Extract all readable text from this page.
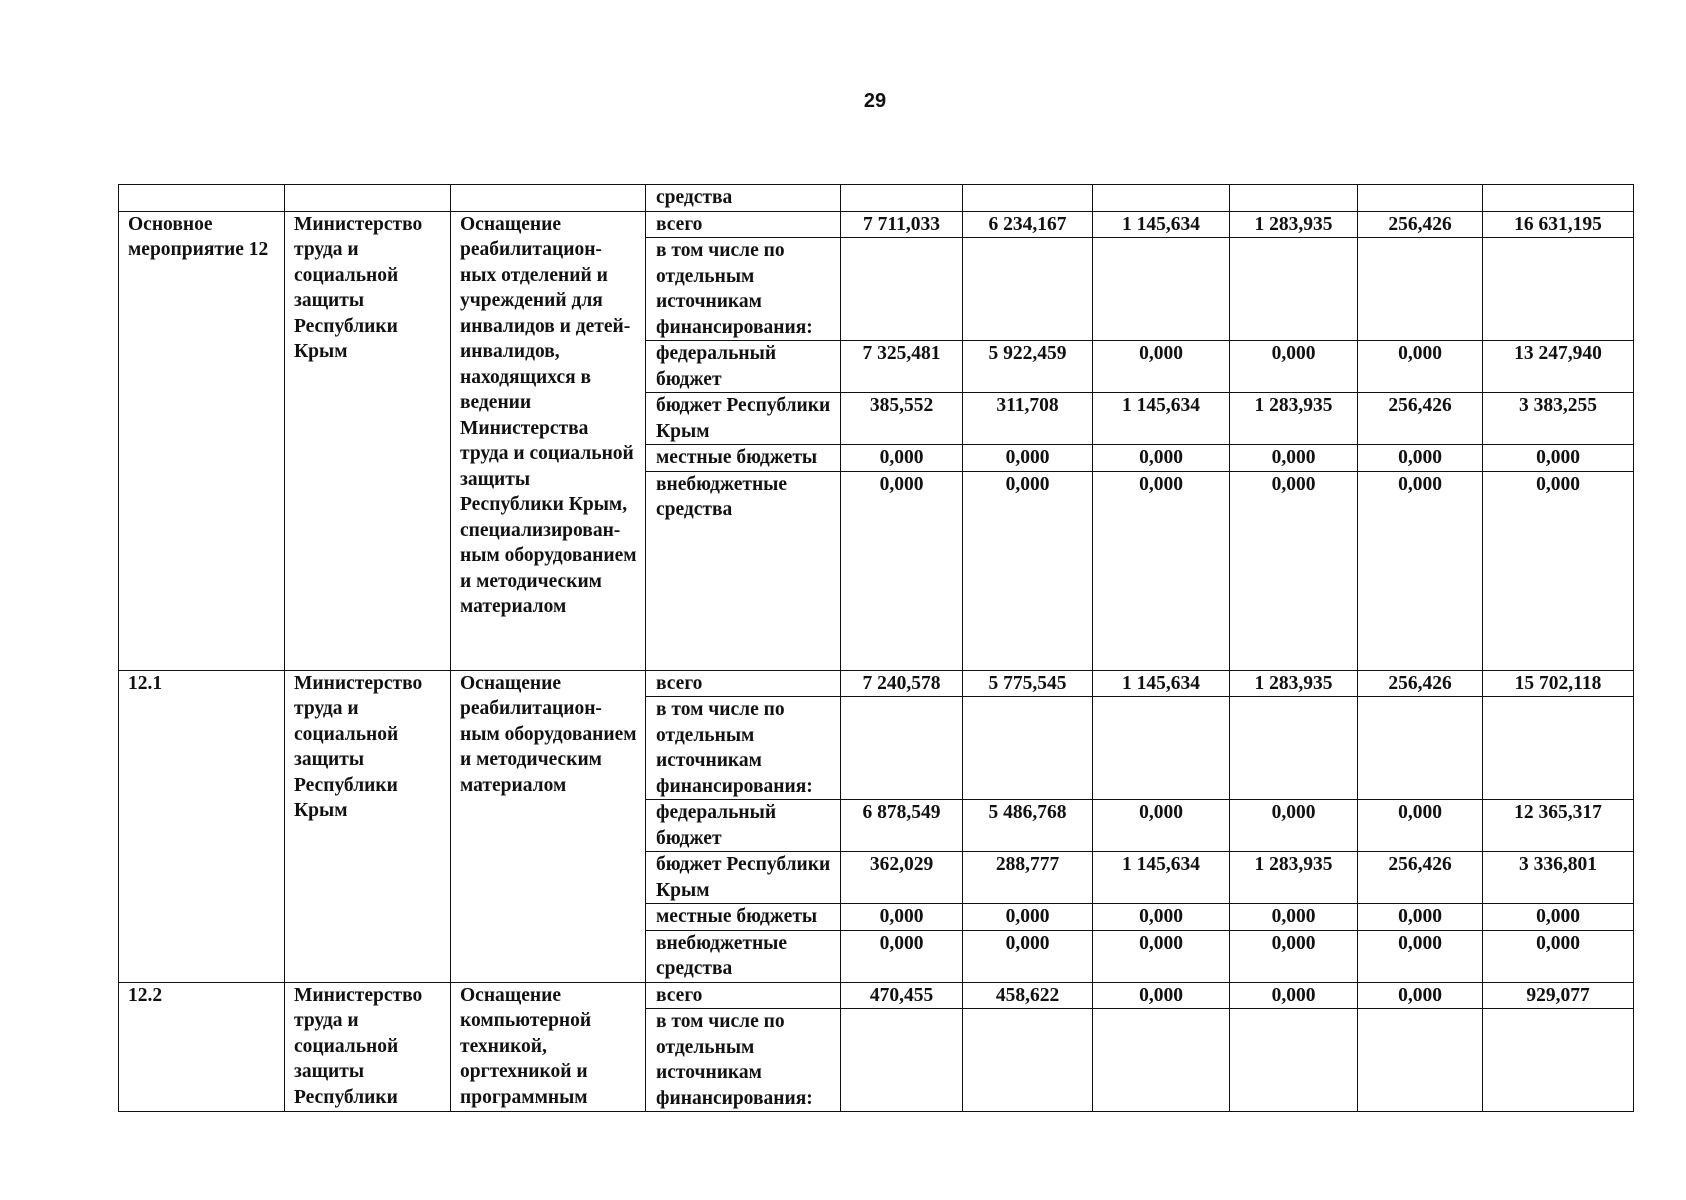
29
			средства						
Основное мероприятие 12	Министерство труда и социальной защиты Республики Крым	Оснащение реабилитацион-ных отделений и учреждений для инвалидов и детей-инвалидов, находящихся в ведении Министерства труда и социальной защиты Республики Крым, специализирован-ным оборудованием и методическим материалом	всего	7 711,033	6 234,167	1 145,634	1 283,935	256,426	16 631,195
			в том числе по отдельным источникам финансирования:						
			федеральный бюджет	7 325,481	5 922,459	0,000	0,000	0,000	13 247,940
			бюджет Республики Крым	385,552	311,708	1 145,634	1 283,935	256,426	3 383,255
			местные бюджеты	0,000	0,000	0,000	0,000	0,000	0,000
			внебюджетные средства	0,000	0,000	0,000	0,000	0,000	0,000
12.1	Министерство труда и социальной защиты Республики Крым	Оснащение реабилитацион-ным оборудованием и методическим материалом	всего	7 240,578	5 775,545	1 145,634	1 283,935	256,426	15 702,118
			в том числе по отдельным источникам финансирования:						
			федеральный бюджет	6 878,549	5 486,768	0,000	0,000	0,000	12 365,317
			бюджет Республики Крым	362,029	288,777	1 145,634	1 283,935	256,426	3 336,801
			местные бюджеты	0,000	0,000	0,000	0,000	0,000	0,000
			внебюджетные средства	0,000	0,000	0,000	0,000	0,000	0,000
12.2	Министерство труда и социальной защиты Республики	Оснащение компьютерной техникой, оргтехникой и программным	всего	470,455	458,622	0,000	0,000	0,000	929,077
			в том числе по отдельным источникам финансирования:						
